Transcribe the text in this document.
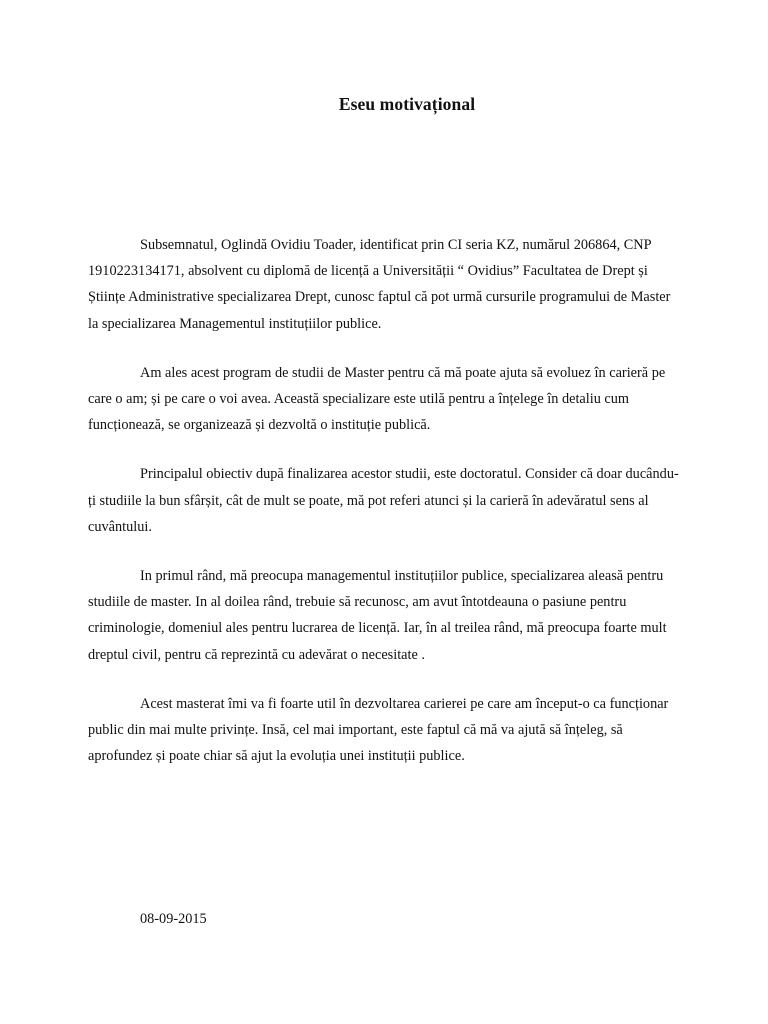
Eseu motivațional

Subsemnatul, Oglindă Ovidiu Toader, identificat prin CI seria KZ, numărul 206864, CNP 1910223134171, absolvent cu diplomă de licență a Universității “ Ovidius” Facultatea de Drept și Științe Administrative specializarea Drept, cunosc faptul că pot urmă cursurile programului de Master la specializarea Managementul instituțiilor publice.

Am ales acest program de studii de Master pentru că mă poate ajuta să evoluez în carieră pe care o am; și pe care o voi avea. Această specializare este utilă pentru a înțelege în detaliu cum funcționează, se organizează și dezvoltă o instituție publică.

Principalul obiectiv după finalizarea acestor studii, este doctoratul. Consider că doar ducându-ți studiile la bun sfârșit, cât de mult se poate, mă pot referi atunci și la carieră în adevăratul sens al cuvântului.

In primul rând, mă preocupa managementul instituțiilor publice, specializarea aleasă pentru studiile de master. In al doilea rând, trebuie să recunosc, am avut întotdeauna o pasiune pentru criminologie, domeniul ales pentru lucrarea de licență. Iar, în al treilea rând, mă preocupa foarte mult dreptul civil, pentru că reprezintă cu adevărat o necesitate .

Acest masterat îmi va fi foarte util în dezvoltarea carierei pe care am început-o ca funcționar public din mai multe privințe. Insă, cel mai important, este faptul că mă va ajută să înțeleg, să aprofundez și poate chiar să ajut la evoluția unei instituții publice.

08-09-2015
